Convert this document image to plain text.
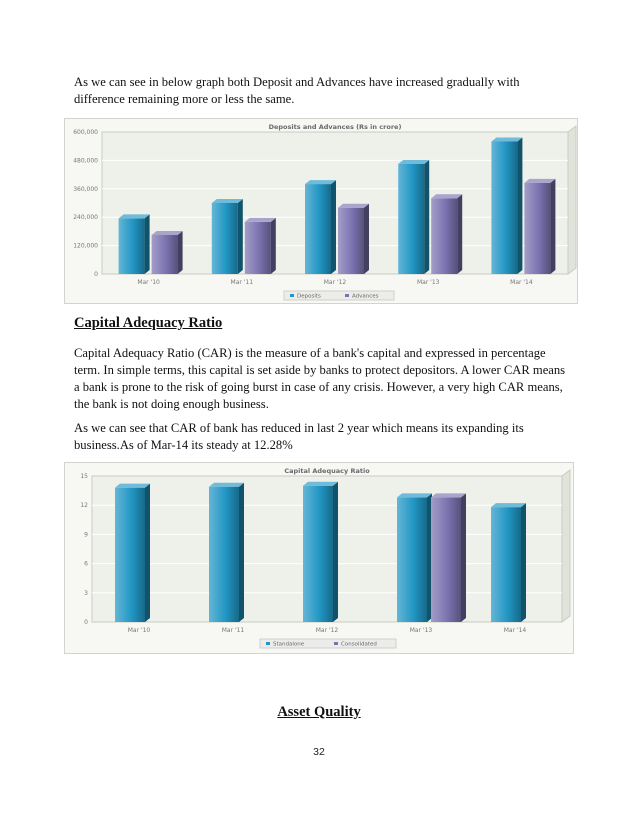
As we can see in below graph both Deposit and Advances have increased gradually with difference remaining more or less the same.

Deposits and Advances (Rs in crore)
0
120,000
240,000
360,000
480,000
600,000
Mar '10	Mar '11	Mar '12	Mar '13	Mar '14
Deposits	Advances
Capital Adequacy Ratio

Capital Adequacy Ratio (CAR) is the measure of a bank's capital and expressed in percentage term. In simple terms, this capital is set aside by banks to protect depositors. A lower CAR means a bank is prone to the risk of going burst in case of any crisis. However, a very high CAR means, the bank is not doing enough business.

As we can see that CAR of bank has reduced in last 2 year which means its expanding its business.As of Mar-14 its steady at 12.28%

Capital Adequacy Ratio
0
3
6
9
12
15
Mar '10	Mar '11	Mar '12	Mar '13	Mar '14
Standalone	Consolidated
Asset Quality
32
